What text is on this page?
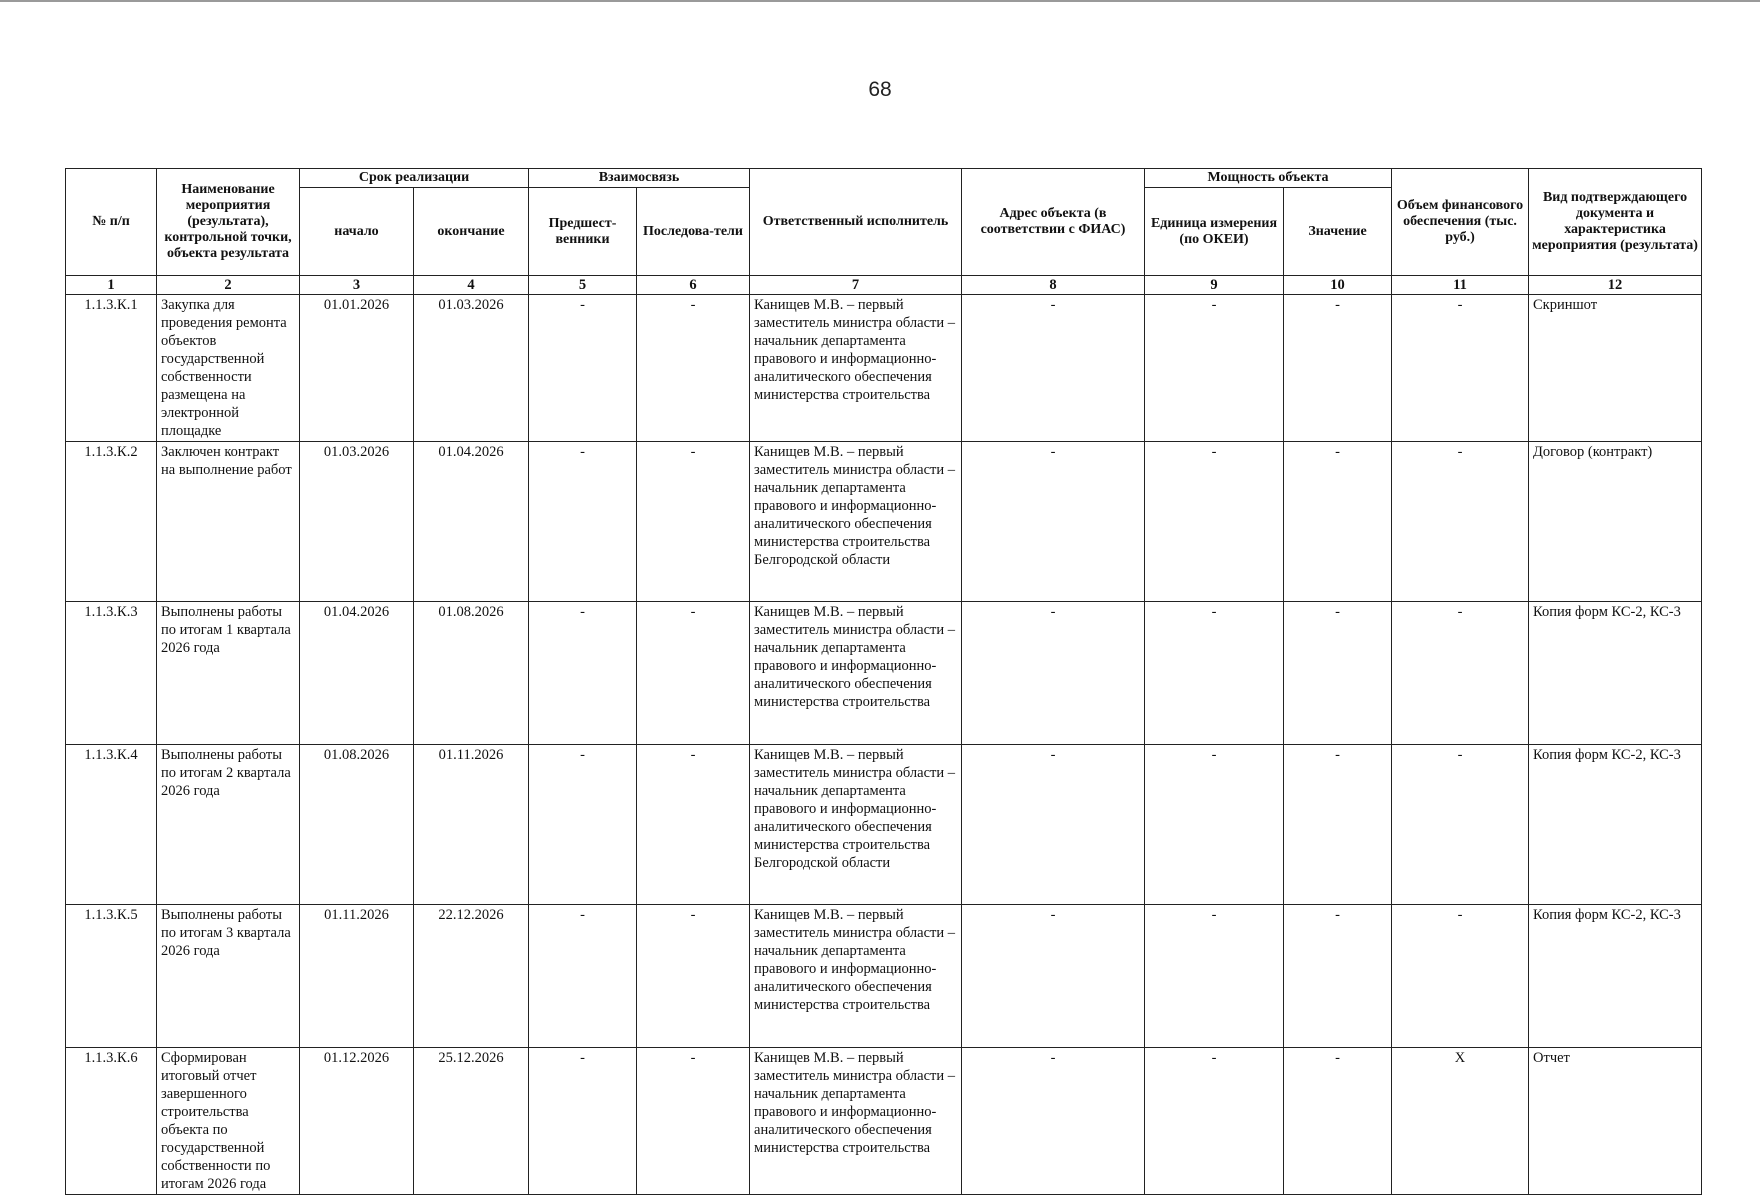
68
№ п/п	Наименование мероприятия (результата), контрольной точки, объекта результата	Срок реализации		Взаимосвязь		Ответственный исполнитель	Адрес объекта (в соответствии с ФИАС)	Мощность объекта		Объем финансового обеспечения (тыс. руб.)	Вид подтверждающего документа и характеристика мероприятия (результата)
		начало	окончание	Предшест-венники	Последова-тели			Единица измерения (по ОКЕИ)	Значение		
1	2	3	4	5	6	7	8	9	10	11	12
1.1.3.К.1	Закупка для проведения ремонта объектов государственной собственности размещена на электронной площадке	01.01.2026	01.03.2026	-	-	Канищев М.В. – первый заместитель министра области – начальник департамента правового и информационно-аналитического обеспечения министерства строительства	-	-	-	-	Скриншот
1.1.3.К.2	Заключен контракт на выполнение работ	01.03.2026	01.04.2026	-	-	Канищев М.В. – первый заместитель министра области – начальник департамента правового и информационно-аналитического обеспечения министерства строительства Белгородской области	-	-	-	-	Договор (контракт)
1.1.3.К.3	Выполнены работы по итогам 1 квартала 2026 года	01.04.2026	01.08.2026	-	-	Канищев М.В. – первый заместитель министра области – начальник департамента правового и информационно-аналитического обеспечения министерства строительства	-	-	-	-	Копия форм КС-2, КС-3
1.1.3.К.4	Выполнены работы по итогам 2 квартала 2026 года	01.08.2026	01.11.2026	-	-	Канищев М.В. – первый заместитель министра области – начальник департамента правового и информационно-аналитического обеспечения министерства строительства Белгородской области	-	-	-	-	Копия форм КС-2, КС-3
1.1.3.К.5	Выполнены работы по итогам 3 квартала 2026 года	01.11.2026	22.12.2026	-	-	Канищев М.В. – первый заместитель министра области – начальник департамента правового и информационно-аналитического обеспечения министерства строительства	-	-	-	-	Копия форм КС-2, КС-3
1.1.3.К.6	Сформирован итоговый отчет завершенного строительства объекта по государственной собственности по итогам 2026 года	01.12.2026	25.12.2026	-	-	Канищев М.В. – первый заместитель министра области – начальник департамента правового и информационно-аналитического обеспечения министерства строительства	-	-	-	X	Отчет
